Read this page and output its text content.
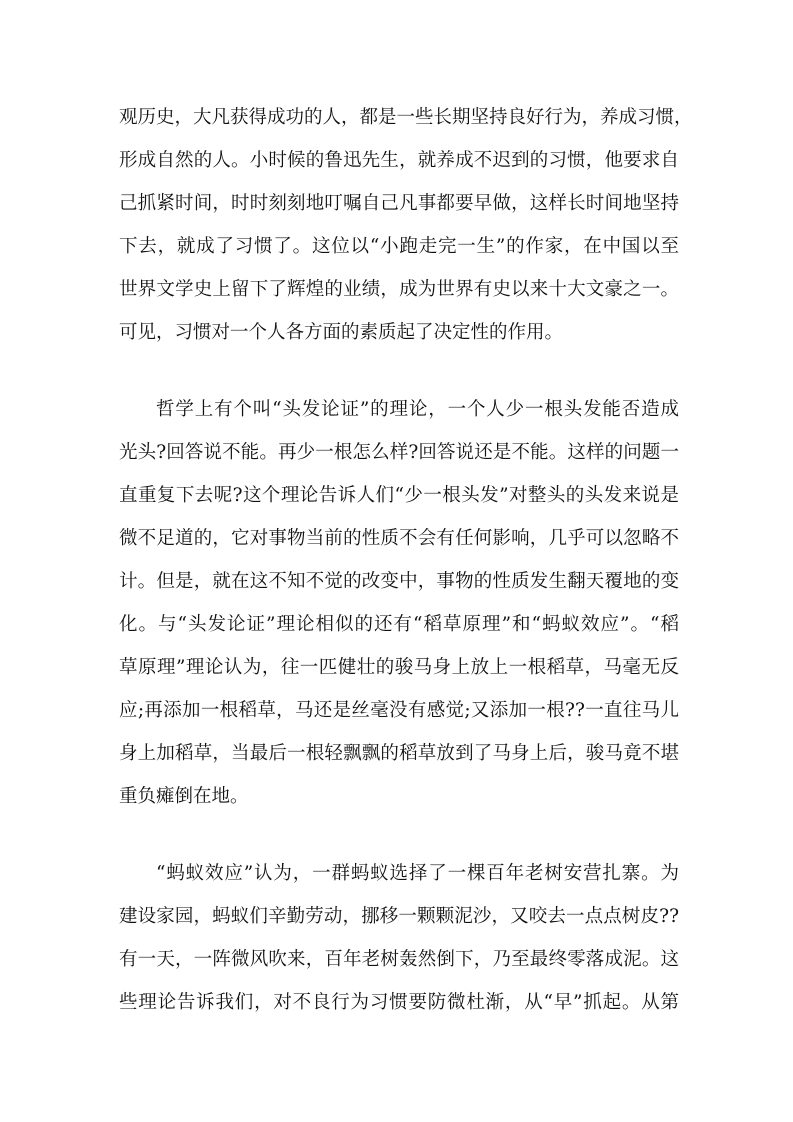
观历史，大凡获得成功的人，都是一些长期坚持良好行为，养成习惯，
形成自然的人。小时候的鲁迅先生，就养成不迟到的习惯，他要求自
己抓紧时间，时时刻刻地叮嘱自己凡事都要早做，这样长时间地坚持
下去，就成了习惯了。这位以“小跑走完一生”的作家，在中国以至
世界文学史上留下了辉煌的业绩，成为世界有史以来十大文豪之一。
可见，习惯对一个人各方面的素质起了决定性的作用。
哲学上有个叫“头发论证”的理论，一个人少一根头发能否造成
光头?回答说不能。再少一根怎么样?回答说还是不能。这样的问题一
直重复下去呢?这个理论告诉人们“少一根头发”对整头的头发来说是
微不足道的，它对事物当前的性质不会有任何影响，几乎可以忽略不
计。但是，就在这不知不觉的改变中，事物的性质发生翻天覆地的变
化。与“头发论证”理论相似的还有“稻草原理”和“蚂蚁效应”。“稻
草原理”理论认为，往一匹健壮的骏马身上放上一根稻草，马毫无反
应;再添加一根稻草，马还是丝毫没有感觉;又添加一根??一直往马儿
身上加稻草，当最后一根轻飘飘的稻草放到了马身上后，骏马竟不堪
重负瘫倒在地。
“蚂蚁效应”认为，一群蚂蚁选择了一棵百年老树安营扎寨。为
建设家园，蚂蚁们辛勤劳动，挪移一颗颗泥沙，又咬去一点点树皮??
有一天，一阵微风吹来，百年老树轰然倒下，乃至最终零落成泥。这
些理论告诉我们，对不良行为习惯要防微杜渐，从“早”抓起。从第
